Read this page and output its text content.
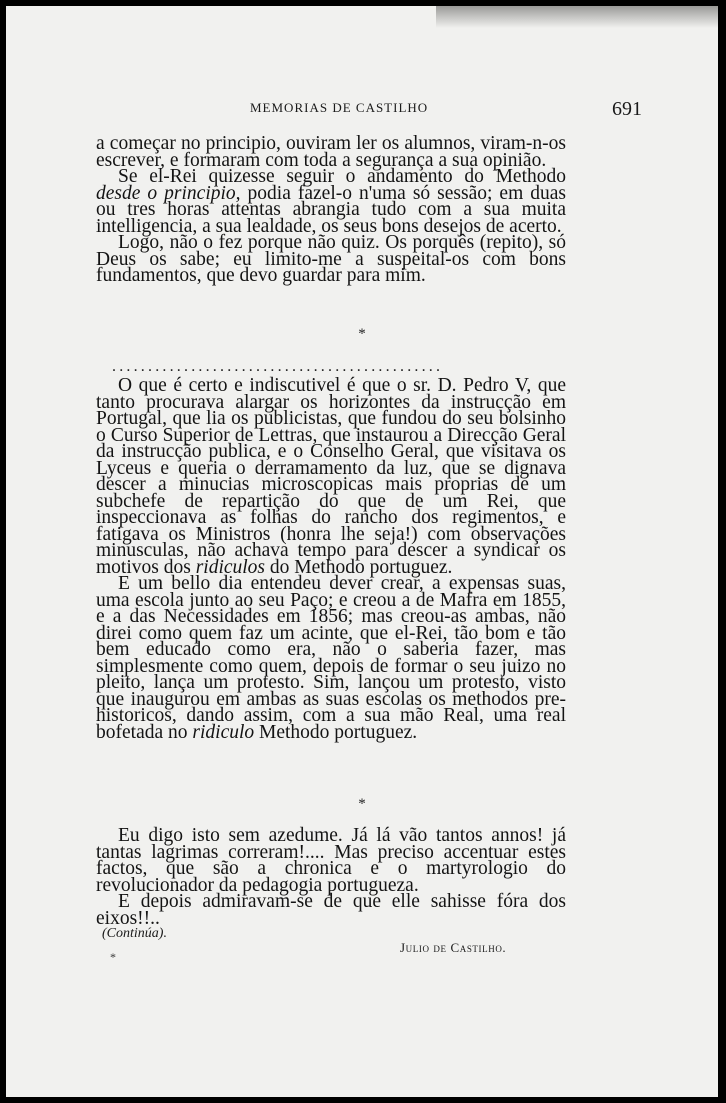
MEMORIAS DE CASTILHO	691

a começar no principio, ouviram ler os alumnos, viram-n-os escrever, e formaram com toda a segurança a sua opinião.

Se el-Rei quizesse seguir o andamento do Methodo desde o principio, podia fazel-o n'uma só sessão; em duas ou tres horas attentas abrangia tudo com a sua muita intelligencia, a sua lealdade, os seus bons desejos de acerto.

Logo, não o fez porque não quiz. Os porquês (repito), só Deus os sabe; eu limito-me a suspeital-os com bons fundamentos, que devo guardar para mim.

*
..............................................

O que é certo e indiscutivel é que o sr. D. Pedro V, que tanto procurava alargar os horizontes da instrucção em Portugal, que lia os publicistas, que fundou do seu bolsinho o Curso Superior de Lettras, que instaurou a Direcção Geral da instrucção publica, e o Conselho Geral, que visitava os Lyceus e queria o derramamento da luz, que se dignava descer a minucias microscopicas mais proprias de um subchefe de repartição do que de um Rei, que inspeccionava as folhas do rancho dos regimentos, e fatigava os Ministros (honra lhe seja!) com observações minusculas, não achava tempo para descer a syndicar os motivos dos ridiculos do Methodo portuguez.

E um bello dia entendeu dever crear, a expensas suas, uma escola junto ao seu Paço; e creou a de Mafra em 1855, e a das Necessidades em 1856; mas creou-as ambas, não direi como quem faz um acinte, que el-Rei, tão bom e tão bem educado como era, não o saberia fazer, mas simplesmente como quem, depois de formar o seu juizo no pleito, lança um protesto. Sim, lançou um protesto, visto que inaugurou em ambas as suas escolas os methodos pre-historicos, dando assim, com a sua mão Real, uma real bofetada no ridiculo Methodo portuguez.

*

Eu digo isto sem azedume. Já lá vão tantos annos! já tantas lagrimas correram!.... Mas preciso accentuar estes factos, que são a chronica e o martyrologio do revolucionador da pedagogia portugueza.

E depois admiravam-se de que elle sahisse fóra dos eixos!!..

(Continúa).
Julio de Castilho.
*
